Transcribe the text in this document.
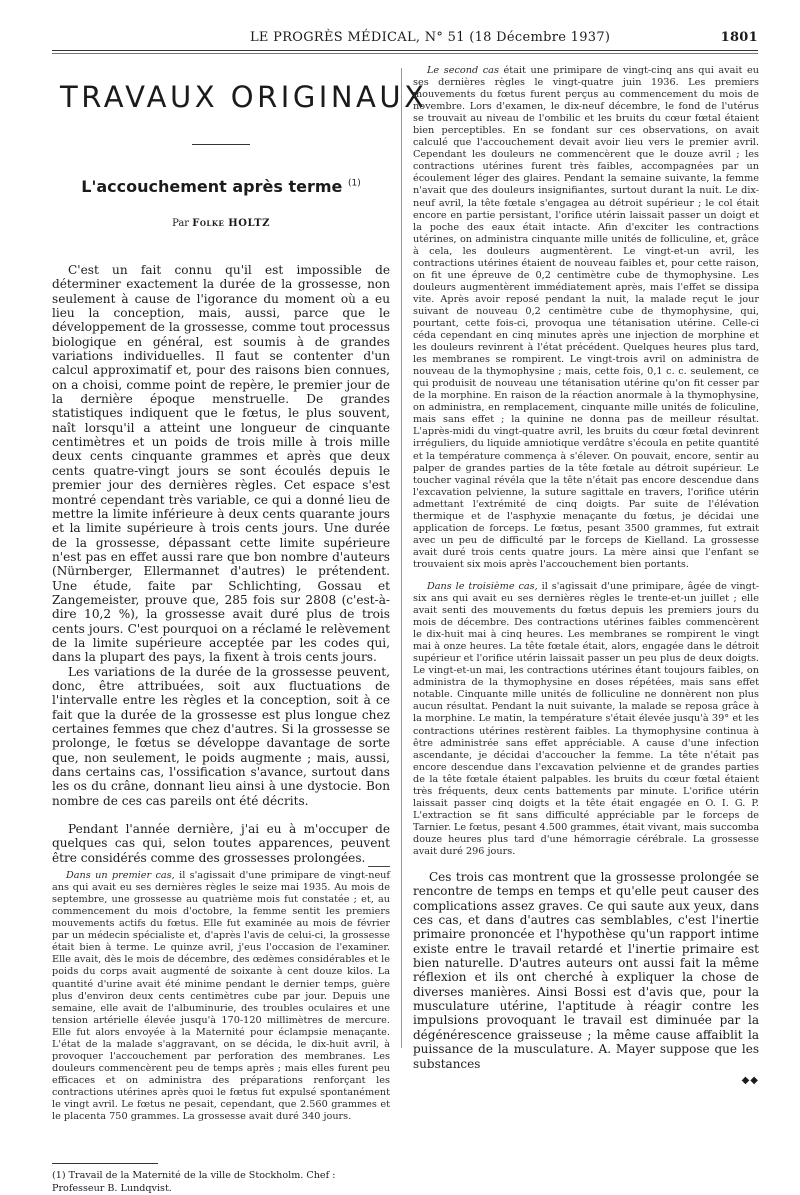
LE PROGRÈS MÉDICAL, N° 51 (18 Décembre 1937)	1801
TRAVAUX ORIGINAUX
L'accouchement après terme $^{(1)}$
Par Folke HOLTZ

C'est un fait connu qu'il est impossible de déterminer exactement la durée de la grossesse, non seulement à cause de l'igorance du moment où a eu lieu la conception, mais, aussi, parce que le développement de la grossesse, comme tout processus biologique en général, est soumis à de grandes variations individuelles. Il faut se contenter d'un calcul approximatif et, pour des raisons bien connues, on a choisi, comme point de repère, le premier jour de la dernière époque menstruelle. De grandes statistiques indiquent que le fœtus, le plus souvent, naît lorsqu'il a atteint une longueur de cinquante centimètres et un poids de trois mille à trois mille deux cents cinquante grammes et après que deux cents quatre-vingt jours se sont écoulés depuis le premier jour des dernières règles. Cet espace s'est montré cependant très variable, ce qui a donné lieu de mettre la limite inférieure à deux cents quarante jours et la limite supérieure à trois cents jours. Une durée de la grossesse, dépassant cette limite supérieure n'est pas en effet aussi rare que bon nombre d'auteurs (Nürnberger, Ellermannet d'autres) le prétendent. Une étude, faite par Schlichting, Gossau et Zangemeister, prouve que, 285 fois sur 2808 (c'est-à-dire 10,2 %), la grossesse avait duré plus de trois cents jours. C'est pourquoi on a réclamé le relèvement de la limite supérieure acceptée par les codes qui, dans la plupart des pays, la fixent à trois cents jours.

Les variations de la durée de la grossesse peuvent, donc, être attribuées, soit aux fluctuations de l'intervalle entre les règles et la conception, soit à ce fait que la durée de la grossesse est plus longue chez certaines femmes que chez d'autres. Si la grossesse se prolonge, le fœtus se développe davantage de sorte que, non seulement, le poids augmente ; mais, aussi, dans certains cas, l'ossification s'avance, surtout dans les os du crâne, donnant lieu ainsi à une dystocie. Bon nombre de ces cas pareils ont été décrits.

Pendant l'année dernière, j'ai eu à m'occuper de quelques cas qui, selon toutes apparences, peuvent être considérés comme des grossesses prolongées.

Dans un premier cas, il s'agissait d'une primipare de vingt-neuf ans qui avait eu ses dernières règles le seize mai 1935. Au mois de septembre, une grossesse au quatrième mois fut constatée ; et, au commencement du mois d'octobre, la femme sentit les premiers mouvements actifs du fœtus. Elle fut examinée au mois de février par un médecin spécialiste et, d'après l'avis de celui-ci, la grossesse était bien à terme. Le quinze avril, j'eus l'occasion de l'examiner. Elle avait, dès le mois de décembre, des œdèmes considérables et le poids du corps avait augmenté de soixante à cent douze kilos. La quantité d'urine avait été minime pendant le dernier temps, guère plus d'environ deux cents centimètres cube par jour. Depuis une semaine, elle avait de l'albuminurie, des troubles oculaires et une tension artérielle élevée jusqu'à 170-120 millimètres de mercure. Elle fut alors envoyée à la Maternité pour éclampsie menaçante. L'état de la malade s'aggravant, on se décida, le dix-huit avril, à provoquer l'accouchement par perforation des membranes. Les douleurs commencèrent peu de temps après ; mais elles furent peu efficaces et on administra des préparations renforçant les contractions utérines après quoi le fœtus fut expulsé spontanément le vingt avril. Le fœtus ne pesait, cependant, que 2.560 grammes et le placenta 750 grammes. La grossesse avait duré 340 jours.

(1) Travail de la Maternité de la ville de Stockholm. Chef : Professeur B. Lundqvist.

Le second cas était une primipare de vingt-cinq ans qui avait eu ses dernières règles le vingt-quatre juin 1936. Les premiers mouvements du fœtus furent perçus au commencement du mois de novembre. Lors d'examen, le dix-neuf décembre, le fond de l'utérus se trouvait au niveau de l'ombilic et les bruits du cœur fœtal étaient bien perceptibles. En se fondant sur ces observations, on avait calculé que l'accouchement devait avoir lieu vers le premier avril. Cependant les douleurs ne commencèrent que le douze avril ; les contractions utérines furent très faibles, accompagnées par un écoulement léger des glaires. Pendant la semaine suivante, la femme n'avait que des douleurs insignifiantes, surtout durant la nuit. Le dix-neuf avril, la tête fœtale s'engagea au détroit supérieur ; le col était encore en partie persistant, l'orifice utérin laissait passer un doigt et la poche des eaux était intacte. Afin d'exciter les contractions utérines, on administra cinquante mille unités de folliculine, et, grâce à cela, les douleurs augmentèrent. Le vingt-et-un avril, les contractions utérines étaient de nouveau faibles et, pour cette raison, on fit une épreuve de 0,2 centimètre cube de thymophysine. Les douleurs augmentèrent immédiatement après, mais l'effet se dissipa vite. Après avoir reposé pendant la nuit, la malade reçut le jour suivant de nouveau 0,2 centimètre cube de thymophysine, qui, pourtant, cette fois-ci, provoqua une tétanisation utérine. Celle-ci céda cependant en cinq minutes après une injection de morphine et les douleurs revinrent à l'état précédent. Quelques heures plus tard, les membranes se rompirent. Le vingt-trois avril on administra de nouveau de la thymophysine ; mais, cette fois, 0,1 c. c. seulement, ce qui produisit de nouveau une tétanisation utérine qu'on fit cesser par de la morphine. En raison de la réaction anormale à la thymophysine, on administra, en remplacement, cinquante mille unités de foliculine, mais sans effet ; la quinine ne donna pas de meilleur résultat. L'après-midi du vingt-quatre avril, les bruits du cœur fœtal devinrent irréguliers, du liquide amniotique verdâtre s'écoula en petite quantité et la température commença à s'élever. On pouvait, encore, sentir au palper de grandes parties de la tête fœtale au détroit supérieur. Le toucher vaginal révéla que la tête n'était pas encore descendue dans l'excavation pelvienne, la suture sagittale en travers, l'orifice utérin admettant l'extrémité de cinq doigts. Par suite de l'élévation thermique et de l'asphyxie menaçante du fœtus, je décidai une application de forceps. Le fœtus, pesant 3500 grammes, fut extrait avec un peu de difficulté par le forceps de Kielland. La grossesse avait duré trois cents quatre jours. La mère ainsi que l'enfant se trouvaient six mois après l'accouchement bien portants.

Dans le troisième cas, il s'agissait d'une primipare, âgée de vingt-six ans qui avait eu ses dernières règles le trente-et-un juillet ; elle avait senti des mouvements du fœtus depuis les premiers jours du mois de décembre. Des contractions utérines faibles commencèrent le dix-huit mai à cinq heures. Les membranes se rompirent le vingt mai à onze heures. La tête fœtale était, alors, engagée dans le détroit supérieur et l'orifice utérin laissait passer un peu plus de deux doigts. Le vingt-et-un mai, les contractions utérines étant toujours faibles, on administra de la thymophysine en doses répétées, mais sans effet notable. Cinquante mille unités de folliculine ne donnèrent non plus aucun résultat. Pendant la nuit suivante, la malade se reposa grâce à la morphine. Le matin, la température s'était élevée jusqu'à 39° et les contractions utérines restèrent faibles. La thymophysine continua à être administrée sans effet appréciable. A cause d'une infection ascendante, je décidai d'accoucher la femme. La tête n'était pas encore descendue dans l'excavation pelvienne et de grandes parties de la tête fœtale étaient palpables. les bruits du cœur fœtal étaient très fréquents, deux cents battements par minute. L'orifice utérin laissait passer cinq doigts et la tête était engagée en O. I. G. P. L'extraction se fit sans difficulté appréciable par le forceps de Tarnier. Le fœtus, pesant 4.500 grammes, était vivant, mais succomba douze heures plus tard d'une hémorragie cérébrale. La grossesse avait duré 296 jours.

Ces trois cas montrent que la grossesse prolongée se rencontre de temps en temps et qu'elle peut causer des complications assez graves. Ce qui saute aux yeux, dans ces cas, et dans d'autres cas semblables, c'est l'inertie primaire prononcée et l'hypothèse qu'un rapport intime existe entre le travail retardé et l'inertie primaire est bien naturelle. D'autres auteurs ont aussi fait la même réflexion et ils ont cherché à expliquer la chose de diverses manières. Ainsi Bossi est d'avis que, pour la musculature utérine, l'aptitude à réagir contre les impulsions provoquant le travail est diminuée par la dégénérescence graisseuse ; la même cause affaiblit la puissance de la musculature. A. Mayer suppose que les substances

◆◆
